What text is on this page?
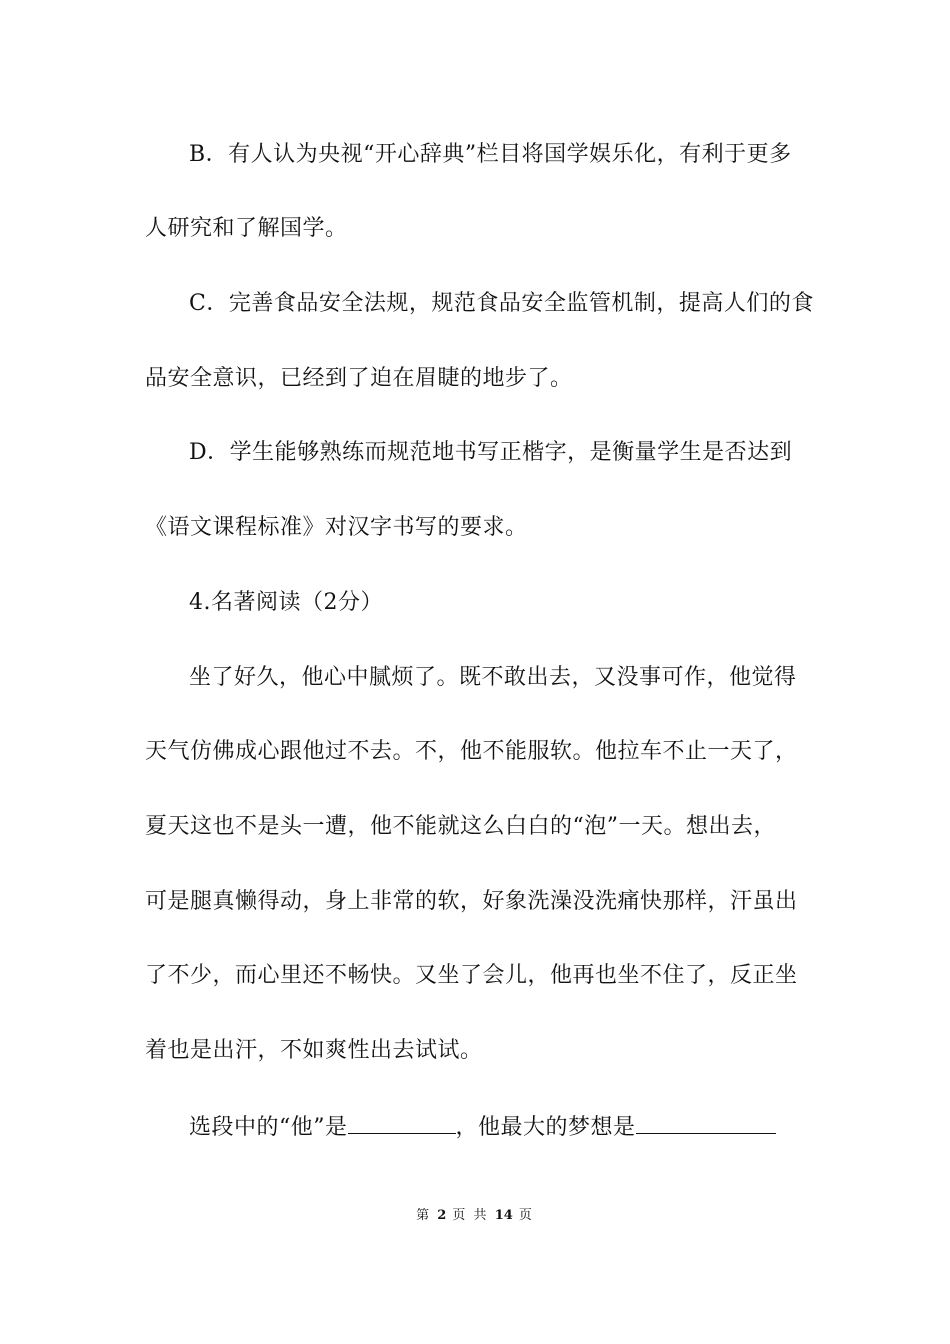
B．有人认为央视“开心辞典”栏目将国学娱乐化，有利于更多
人研究和了解国学。
C．完善食品安全法规，规范食品安全监管机制，提高人们的食
品安全意识，已经到了迫在眉睫的地步了。
D．学生能够熟练而规范地书写正楷字，是衡量学生是否达到
《语文课程标准》对汉字书写的要求。
4.名著阅读（2分）
坐了好久，他心中腻烦了。既不敢出去，又没事可作，他觉得
天气仿佛成心跟他过不去。不，他不能服软。他拉车不止一天了，
夏天这也不是头一遭，他不能就这么白白的“泡”一天。想出去，
可是腿真懒得动，身上非常的软，好象洗澡没洗痛快那样，汗虽出
了不少，而心里还不畅快。又坐了会儿，他再也坐不住了，反正坐
着也是出汗，不如爽性出去试试。
选段中的“他”是	，他最大的梦想是
第 2 页 共 14 页
